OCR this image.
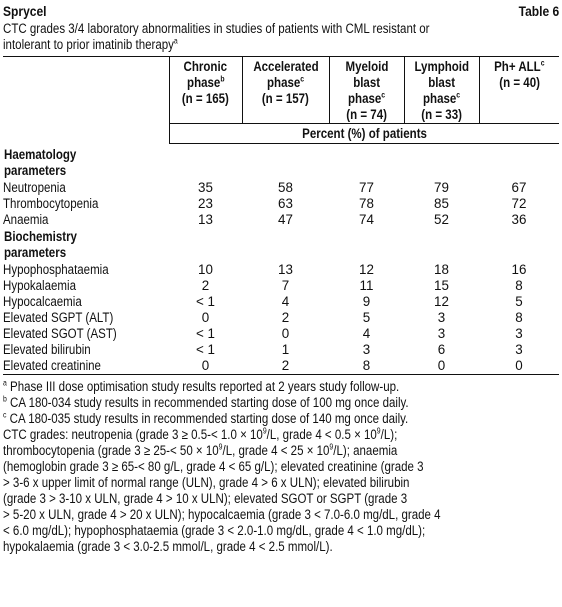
Sprycel	Table 6
CTC grades 3/4 laboratory abnormalities in studies of patients with CML resistant or
intolerant to prior imatinib therapy$^a$
	Chronic
phase$^b$
(n = 165)	Accelerated
phase$^c$
(n = 157)	Myeloid
blast
phase$^c$
(n = 74)	Lymphoid
blast
phase$^c$
(n = 33)	$Ph+ ALL^c$
(n = 40)
	Percent (%) of patients				
Haematology
parameters					
Neutropenia	35	58	77	79	67
Thrombocytopenia	23	63	78	85	72
Anaemia	13	47	74	52	36
Biochemistry
parameters					
Hypophosphataemia	10	13	12	18	16
Hypokalaemia	2	7	11	15	8
Hypocalcaemia	< 1	4	9	12	5
Elevated SGPT (ALT)	0	2	5	3	8
Elevated SGOT (AST)	< 1	0	4	3	3
Elevated bilirubin	< 1	1	3	6	3
Elevated creatinine	0	2	8	0	0
$^a$ Phase III dose optimisation study results reported at 2 years study follow-up.
$^b$ CA 180-034 study results in recommended starting dose of 100 mg once daily.
$^c$ CA 180-035 study results in recommended starting dose of 140 mg once daily.
CTC grades: neutropenia (grade $3 \ge 0.5-< 1.0 \times 10^9/L$, grade $4 < 0.5 \times 10^9/L$);
thrombocytopenia (grade $3 \ge 25-< 50 \times 10^9/L$, grade $4 < 25 \times 10^9/L$); anaemia
(hemoglobin grade 3 ≥ 65-< 80 g/L, grade 4 < 65 g/L); elevated creatinine (grade 3
> 3-6 x upper limit of normal range (ULN), grade 4 > 6 x ULN); elevated bilirubin
(grade 3 > 3-10 x ULN, grade 4 > 10 x ULN); elevated SGOT or SGPT (grade 3
> 5-20 x ULN, grade 4 > 20 x ULN); hypocalcaemia (grade 3 < 7.0-6.0 mg/dL, grade 4
< 6.0 mg/dL); hypophosphataemia (grade 3 < 2.0-1.0 mg/dL, grade 4 < 1.0 mg/dL);
hypokalaemia (grade 3 < 3.0-2.5 mmol/L, grade 4 < 2.5 mmol/L).
